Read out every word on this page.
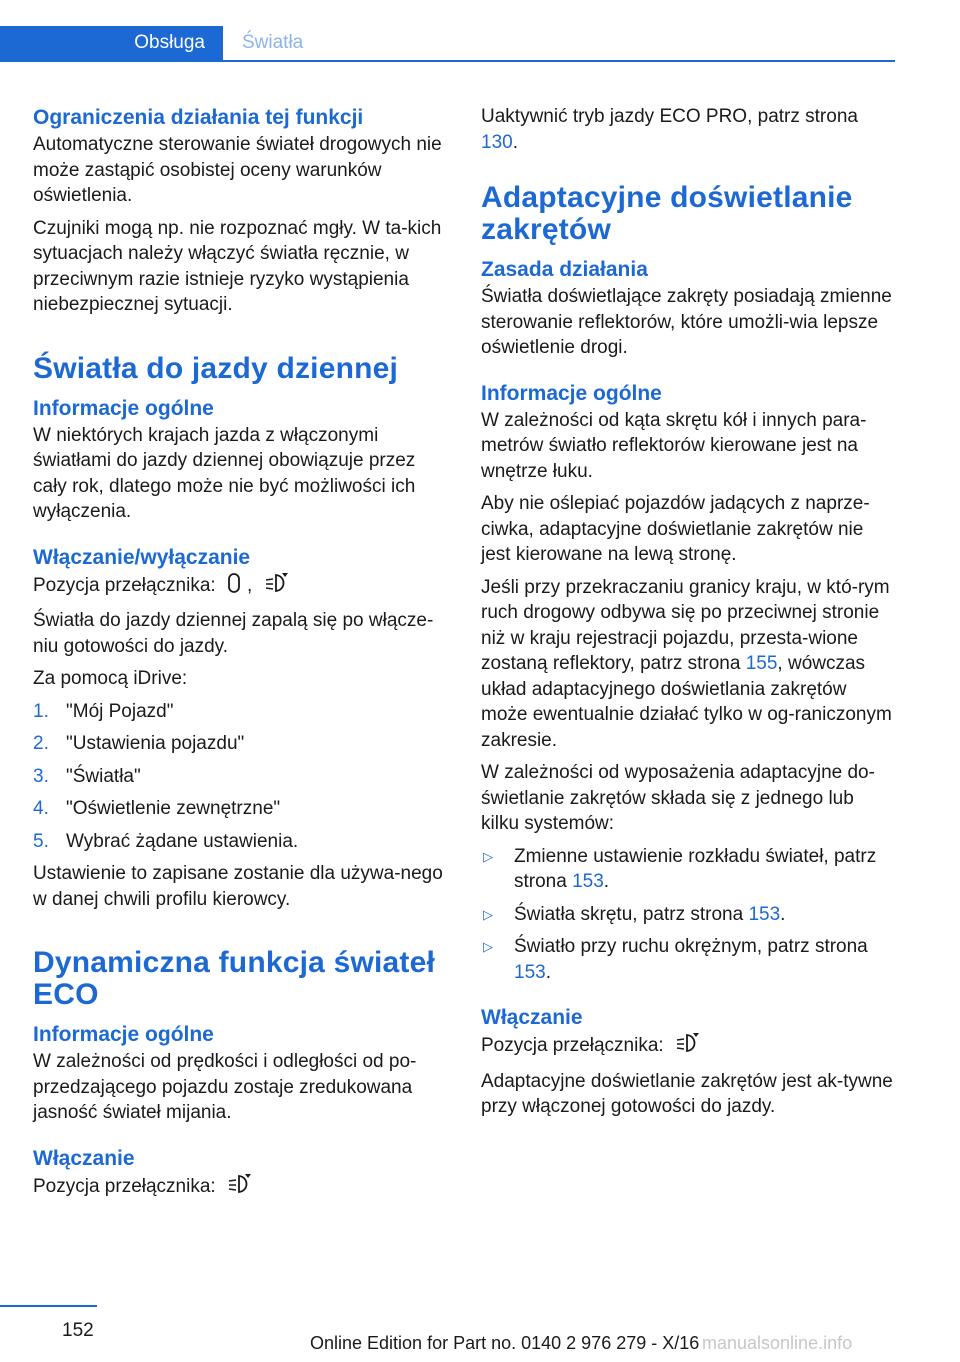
Obsługa	Światła
Ograniczenia działania tej funkcji

Automatyczne sterowanie świateł drogowych nie może zastąpić osobistej oceny warunków oświetlenia.

Czujniki mogą np. nie rozpoznać mgły. W ta-kich sytuacjach należy włączyć światła ręcznie, w przeciwnym razie istnieje ryzyko wystąpienia niebezpiecznej sytuacji.

Światła do jazdy dziennej
Informacje ogólne

W niektórych krajach jazda z włączonymi światłami do jazdy dziennej obowiązuje przez cały rok, dlatego może nie być możliwości ich wyłączenia.

Włączanie/wyłączanie

Pozycja przełącznika: ,

Światła do jazdy dziennej zapalą się po włącze-niu gotowości do jazdy.

Za pomocą iDrive:

1. "Mój Pojazd"
2. "Ustawienia pojazdu"
3. "Światła"
4. "Oświetlenie zewnętrzne"
5. Wybrać żądane ustawienia.

Ustawienie to zapisane zostanie dla używa-nego w danej chwili profilu kierowcy.

Dynamiczna funkcja świateł ECO
Informacje ogólne

W zależności od prędkości i odległości od po-przedzającego pojazdu zostaje zredukowana jasność świateł mijania.

Włączanie

Pozycja przełącznika:

Uaktywnić tryb jazdy ECO PRO, patrz strona 130.

Adaptacyjne doświetlanie zakrętów
Zasada działania

Światła doświetlające zakręty posiadają zmienne sterowanie reflektorów, które umożli-wia lepsze oświetlenie drogi.

Informacje ogólne

W zależności od kąta skrętu kół i innych para-metrów światło reflektorów kierowane jest na wnętrze łuku.

Aby nie oślepiać pojazdów jadących z naprze-ciwka, adaptacyjne doświetlanie zakrętów nie jest kierowane na lewą stronę.

Jeśli przy przekraczaniu granicy kraju, w któ-rym ruch drogowy odbywa się po przeciwnej stronie niż w kraju rejestracji pojazdu, przesta-wione zostaną reflektory, patrz strona 155, wówczas układ adaptacyjnego doświetlania zakrętów może ewentualnie działać tylko w og-raniczonym zakresie.

W zależności od wyposażenia adaptacyjne do-świetlanie zakrętów składa się z jednego lub kilku systemów:

▷ Zmienne ustawienie rozkładu świateł, patrz strona 153.
▷ Światła skrętu, patrz strona 153.
▷ Światło przy ruchu okrężnym, patrz strona 153.
Włączanie

Pozycja przełącznika:

Adaptacyjne doświetlanie zakrętów jest ak-tywne przy włączonej gotowości do jazdy.

152
Online Edition for Part no. 0140 2 976 279 - X/16 manualsonline.info
